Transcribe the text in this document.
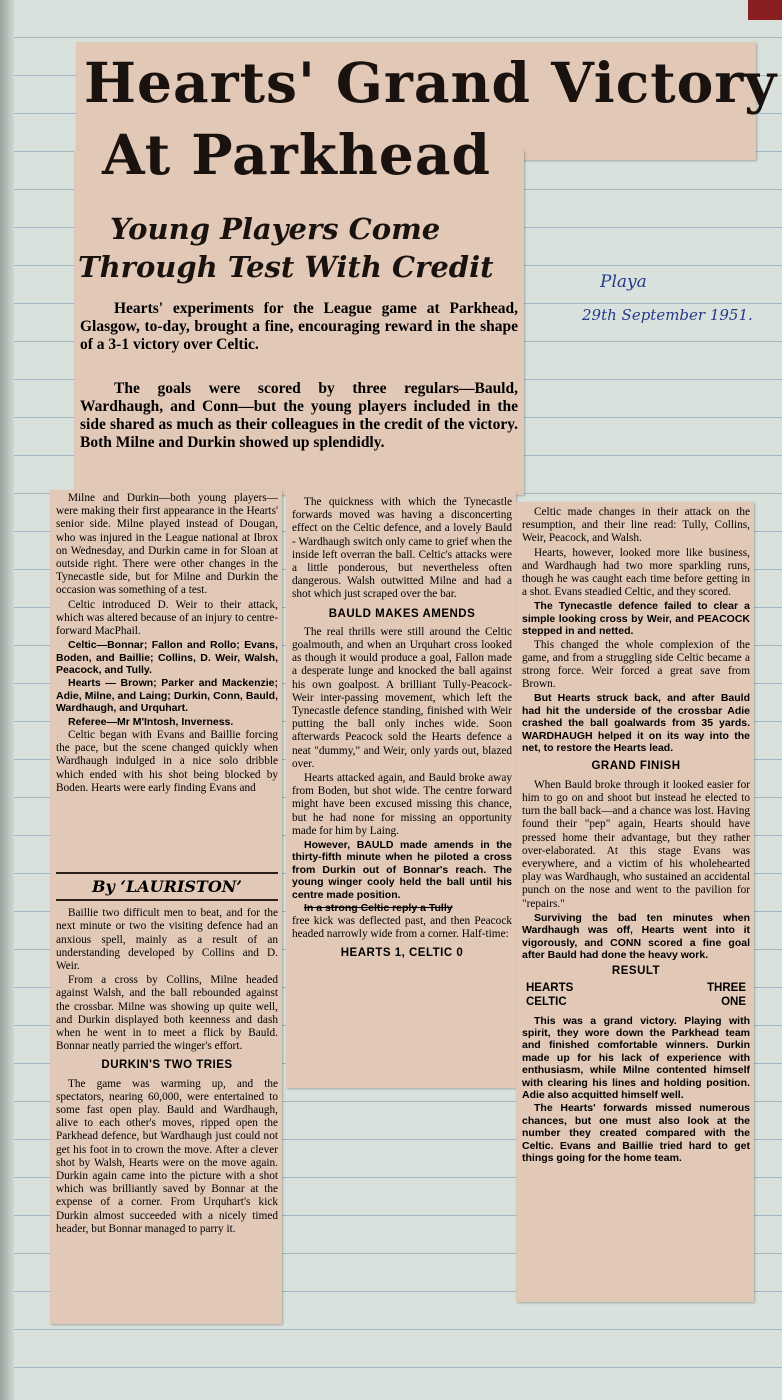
Hearts' Grand Victory
At Parkhead
Young Players Come
Through Test With Credit

Hearts' experiments for the League game at Parkhead, Glasgow, to-day, brought a fine, encouraging reward in the shape of a 3-1 victory over Celtic.

The goals were scored by three regulars—Bauld, Wardhaugh, and Conn—but the young players included in the side shared as much as their colleagues in the credit of the victory. Both Milne and Durkin showed up splendidly.

Playa
29th September 1951.

Milne and Durkin—both young players—were making their first appearance in the Hearts' senior side. Milne played instead of Dougan, who was injured in the League national at Ibrox on Wednesday, and Durkin came in for Sloan at outside right. There were other changes in the Tynecastle side, but for Milne and Durkin the occasion was something of a test.

Celtic introduced D. Weir to their attack, which was altered because of an injury to centre-forward MacPhail.

Celtic—Bonnar; Fallon and Rollo; Evans, Boden, and Baillie; Collins, D. Weir, Walsh, Peacock, and Tully.

Hearts — Brown; Parker and Mackenzie; Adie, Milne, and Laing; Durkin, Conn, Bauld, Wardhaugh, and Urquhart.

Referee—Mr M'Intosh, Inverness.

Celtic began with Evans and Baillie forcing the pace, but the scene changed quickly when Wardhaugh indulged in a nice solo dribble which ended with his shot being blocked by Boden. Hearts were early finding Evans and

By ‘LAURISTON’

Baillie two difficult men to beat, and for the next minute or two the visiting defence had an anxious spell, mainly as a result of an understanding developed by Collins and D. Weir.

From a cross by Collins, Milne headed against Walsh, and the ball rebounded against the crossbar. Milne was showing up quite well, and Durkin displayed both keenness and dash when he went in to meet a flick by Bauld. Bonnar neatly parried the winger's effort.

DURKIN'S TWO TRIES

The game was warming up, and the spectators, nearing 60,000, were entertained to some fast open play. Bauld and Wardhaugh, alive to each other's moves, ripped open the Parkhead defence, but Wardhaugh just could not get his foot in to crown the move. After a clever shot by Walsh, Hearts were on the move again. Durkin again came into the picture with a shot which was brilliantly saved by Bonnar at the expense of a corner. From Urquhart's kick Durkin almost succeeded with a nicely timed header, but Bonnar managed to parry it.

The quickness with which the Tynecastle forwards moved was having a disconcerting effect on the Celtic defence, and a lovely Bauld - Wardhaugh switch only came to grief when the inside left overran the ball. Celtic's attacks were a little ponderous, but nevertheless often dangerous. Walsh outwitted Milne and had a shot which just scraped over the bar.

BAULD MAKES AMENDS

The real thrills were still around the Celtic goalmouth, and when an Urquhart cross looked as though it would produce a goal, Fallon made a desperate lunge and knocked the ball against his own goalpost. A brilliant Tully-Peacock-Weir inter-passing movement, which left the Tynecastle defence standing, finished with Weir putting the ball only inches wide. Soon afterwards Peacock sold the Hearts defence a neat "dummy," and Weir, only yards out, blazed over.

Hearts attacked again, and Bauld broke away from Boden, but shot wide. The centre forward might have been excused missing this chance, but he had none for missing an opportunity made for him by Laing.

However, BAULD made amends in the thirty-fifth minute when he piloted a cross from Durkin out of Bonnar's reach. The young winger cooly held the ball until his centre made position.

In a strong Celtic reply a Tully

free kick was deflected past, and then Peacock headed narrowly wide from a corner. Half-time:

HEARTS 1, CELTIC 0

Celtic made changes in their attack on the resumption, and their line read: Tully, Collins, Weir, Peacock, and Walsh.

Hearts, however, looked more like business, and Wardhaugh had two more sparkling runs, though he was caught each time before getting in a shot. Evans steadied Celtic, and they scored.

The Tynecastle defence failed to clear a simple looking cross by Weir, and PEACOCK stepped in and netted.

This changed the whole complexion of the game, and from a struggling side Celtic became a strong force. Weir forced a great save from Brown.

But Hearts struck back, and after Bauld had hit the underside of the crossbar Adie crashed the ball goalwards from 35 yards. WARDHAUGH helped it on its way into the net, to restore the Hearts lead.

GRAND FINISH

When Bauld broke through it looked easier for him to go on and shoot but instead he elected to turn the ball back—and a chance was lost. Having found their "pep" again, Hearts should have pressed home their advantage, but they rather over-elaborated. At this stage Evans was everywhere, and a victim of his wholehearted play was Wardhaugh, who sustained an accidental punch on the nose and went to the pavilion for "repairs."

Surviving the bad ten minutes when Wardhaugh was off, Hearts went into it vigorously, and CONN scored a fine goal after Bauld had done the heavy work.

RESULT
HEARTS	THREE
CELTIC	ONE

This was a grand victory. Playing with spirit, they wore down the Parkhead team and finished comfortable winners. Durkin made up for his lack of experience with enthusiasm, while Milne contented himself with clearing his lines and holding position. Adie also acquitted himself well.

The Hearts' forwards missed numerous chances, but one must also look at the number they created compared with the Celtic. Evans and Baillie tried hard to get things going for the home team.
